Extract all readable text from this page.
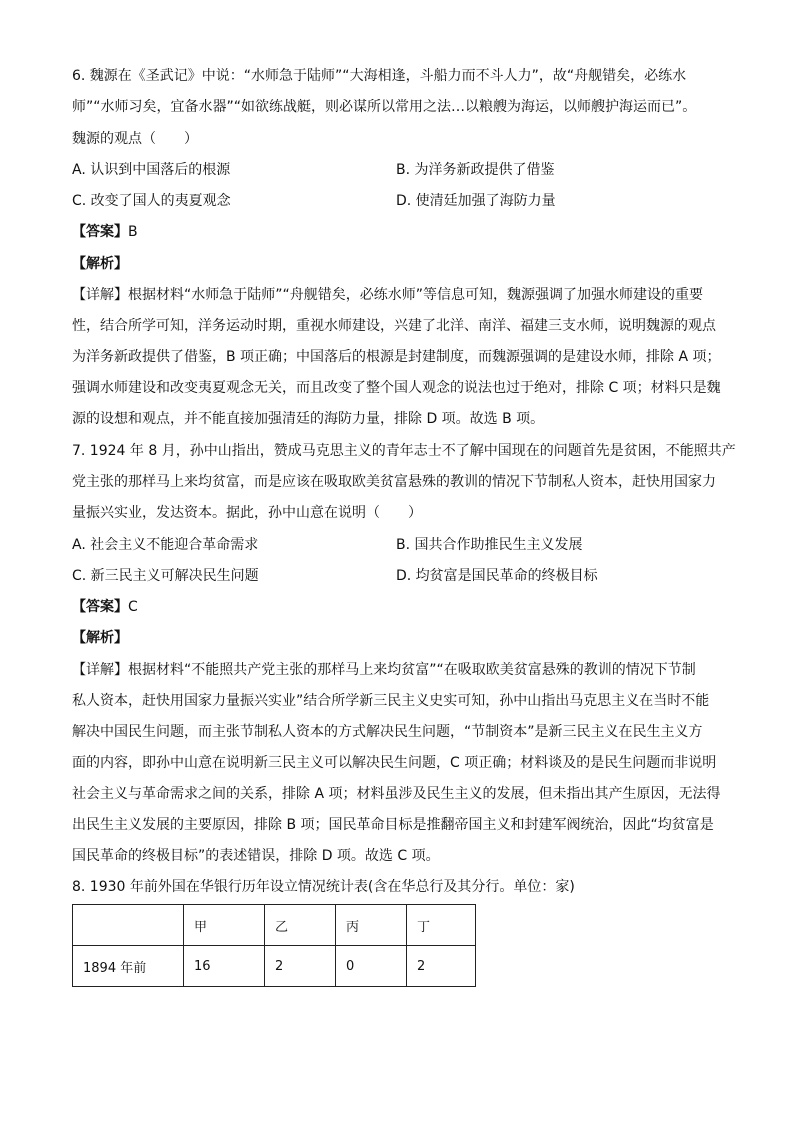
6. 魏源在《圣武记》中说：“水师急于陆师”“大海相逢，斗船力而不斗人力”，故“舟舰错矣，必练水
师”“水师习矣，宜备水器”“如欲练战艇，则必谋所以常用之法…以粮艘为海运，以师艘护海运而已”。
魏源的观点（　　）
A. 认识到中国落后的根源	B. 为洋务新政提供了借鉴
C. 改变了国人的夷夏观念	D. 使清廷加强了海防力量
【答案】B
【解析】
【详解】根据材料“水师急于陆师”“舟舰错矣，必练水师”等信息可知，魏源强调了加强水师建设的重要
性，结合所学可知，洋务运动时期，重视水师建设，兴建了北洋、南洋、福建三支水师，说明魏源的观点
为洋务新政提供了借鉴，B 项正确；中国落后的根源是封建制度，而魏源强调的是建设水师，排除 A 项；
强调水师建设和改变夷夏观念无关，而且改变了整个国人观念的说法也过于绝对，排除 C 项；材料只是魏
源的设想和观点，并不能直接加强清廷的海防力量，排除 D 项。故选 B 项。
7. 1924 年 8 月，孙中山指出，赞成马克思主义的青年志士不了解中国现在的问题首先是贫困，不能照共产
党主张的那样马上来均贫富，而是应该在吸取欧美贫富悬殊的教训的情况下节制私人资本，赶快用国家力
量振兴实业，发达资本。据此，孙中山意在说明（　　）
A. 社会主义不能迎合革命需求	B. 国共合作助推民生主义发展
C. 新三民主义可解决民生问题	D. 均贫富是国民革命的终极目标
【答案】C
【解析】
【详解】根据材料“不能照共产党主张的那样马上来均贫富”“在吸取欧美贫富悬殊的教训的情况下节制
私人资本，赶快用国家力量振兴实业”结合所学新三民主义史实可知，孙中山指出马克思主义在当时不能
解决中国民生问题，而主张节制私人资本的方式解决民生问题，“节制资本”是新三民主义在民生主义方
面的内容，即孙中山意在说明新三民主义可以解决民生问题，C 项正确；材料谈及的是民生问题而非说明
社会主义与革命需求之间的关系，排除 A 项；材料虽涉及民生主义的发展，但未指出其产生原因，无法得
出民生主义发展的主要原因，排除 B 项；国民革命目标是推翻帝国主义和封建军阀统治，因此“均贫富是
国民革命的终极目标”的表述错误，排除 D 项。故选 C 项。
8. 1930 年前外国在华银行历年设立情况统计表(含在华总行及其分行。单位：家)
	甲	乙	丙	丁
1894 年前	16	2	0	2
